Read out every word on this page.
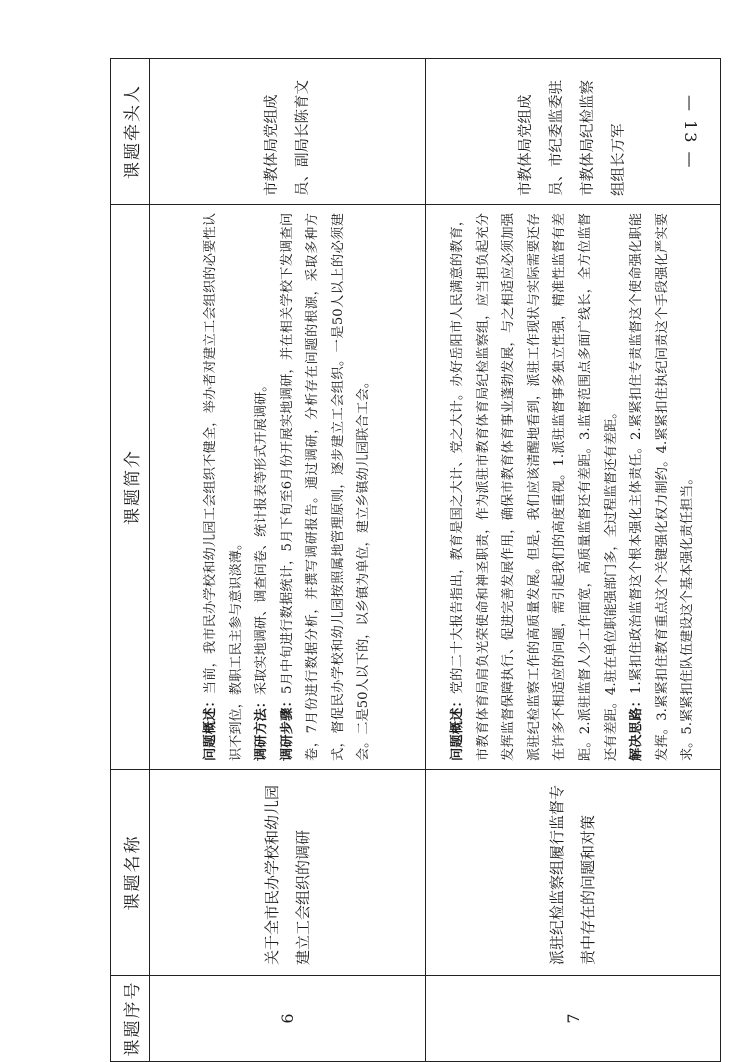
— 13 —
课题序号	课题名称	课题简介	课题牵头人
6	关于全市民办学校和幼儿园建立工会组织的调研	问题概述：当前，我市民办学校和幼儿园工会组织不健全，举办者对建立工会组织的必要性认识不到位，教职工民主参与意识淡薄。 调研方法：采取实地调研、调查问卷、统计报表等形式开展调研。

调研步骤：5月中旬进行数据统计，5月下旬至6月份开展实地调研，并在相关学校下发调查问卷，7月份进行数据分析，并撰写调研报告。通过调研，分析存在问题的根源，采取多种方式，督促民办学校和幼儿园按照属地管理原则，逐步建立工会组织。一是50人以上的必须建会。二是50人以下的，以乡镇为单位，建立乡镇幼儿园联合工会。	市教体局党组成员、副局长陈育文
7	派驻纪检监察组履行监督专责中存在的问题和对策	问题概述：党的二十大报告指出，教育是国之大计、党之大计。办好岳阳市人民满意的教育，市教育体育局肩负光荣使命和神圣职责，作为派驻市教育体育局纪检监察组，应当担负起充分发挥监督保障执行、促进完善发展作用，确保市教育体育事业蓬勃发展，与之相适应必须加强派驻纪检监察工作的高质量发展。但是，我们应该清醒地看到，派驻工作现状与实际需要还存在许多不相适应的问题，需引起我们的高度重视。1.派驻监督事多独立性强，精准性监督有差距。2.派驻监督人少工作面宽，高质量监督还有差距。3.监督范围点多面广线长，全方位监督还有差距。4.驻在单位职能强部门多，全过程监督还有差距。 解决思路：1.紧扣住政治监督这个根本强化主体责任。2.紧紧扣住专责监督这个使命强化职能发挥。3.紧紧扣住教育重点这个关键强化权力制约。4.紧紧扣住执纪问责这个手段强化严实要求。5.紧紧扣住队伍建设这个基本强化责任担当。	市教体局党组成员、市纪委监委驻市教体局纪检监察组组长万军
